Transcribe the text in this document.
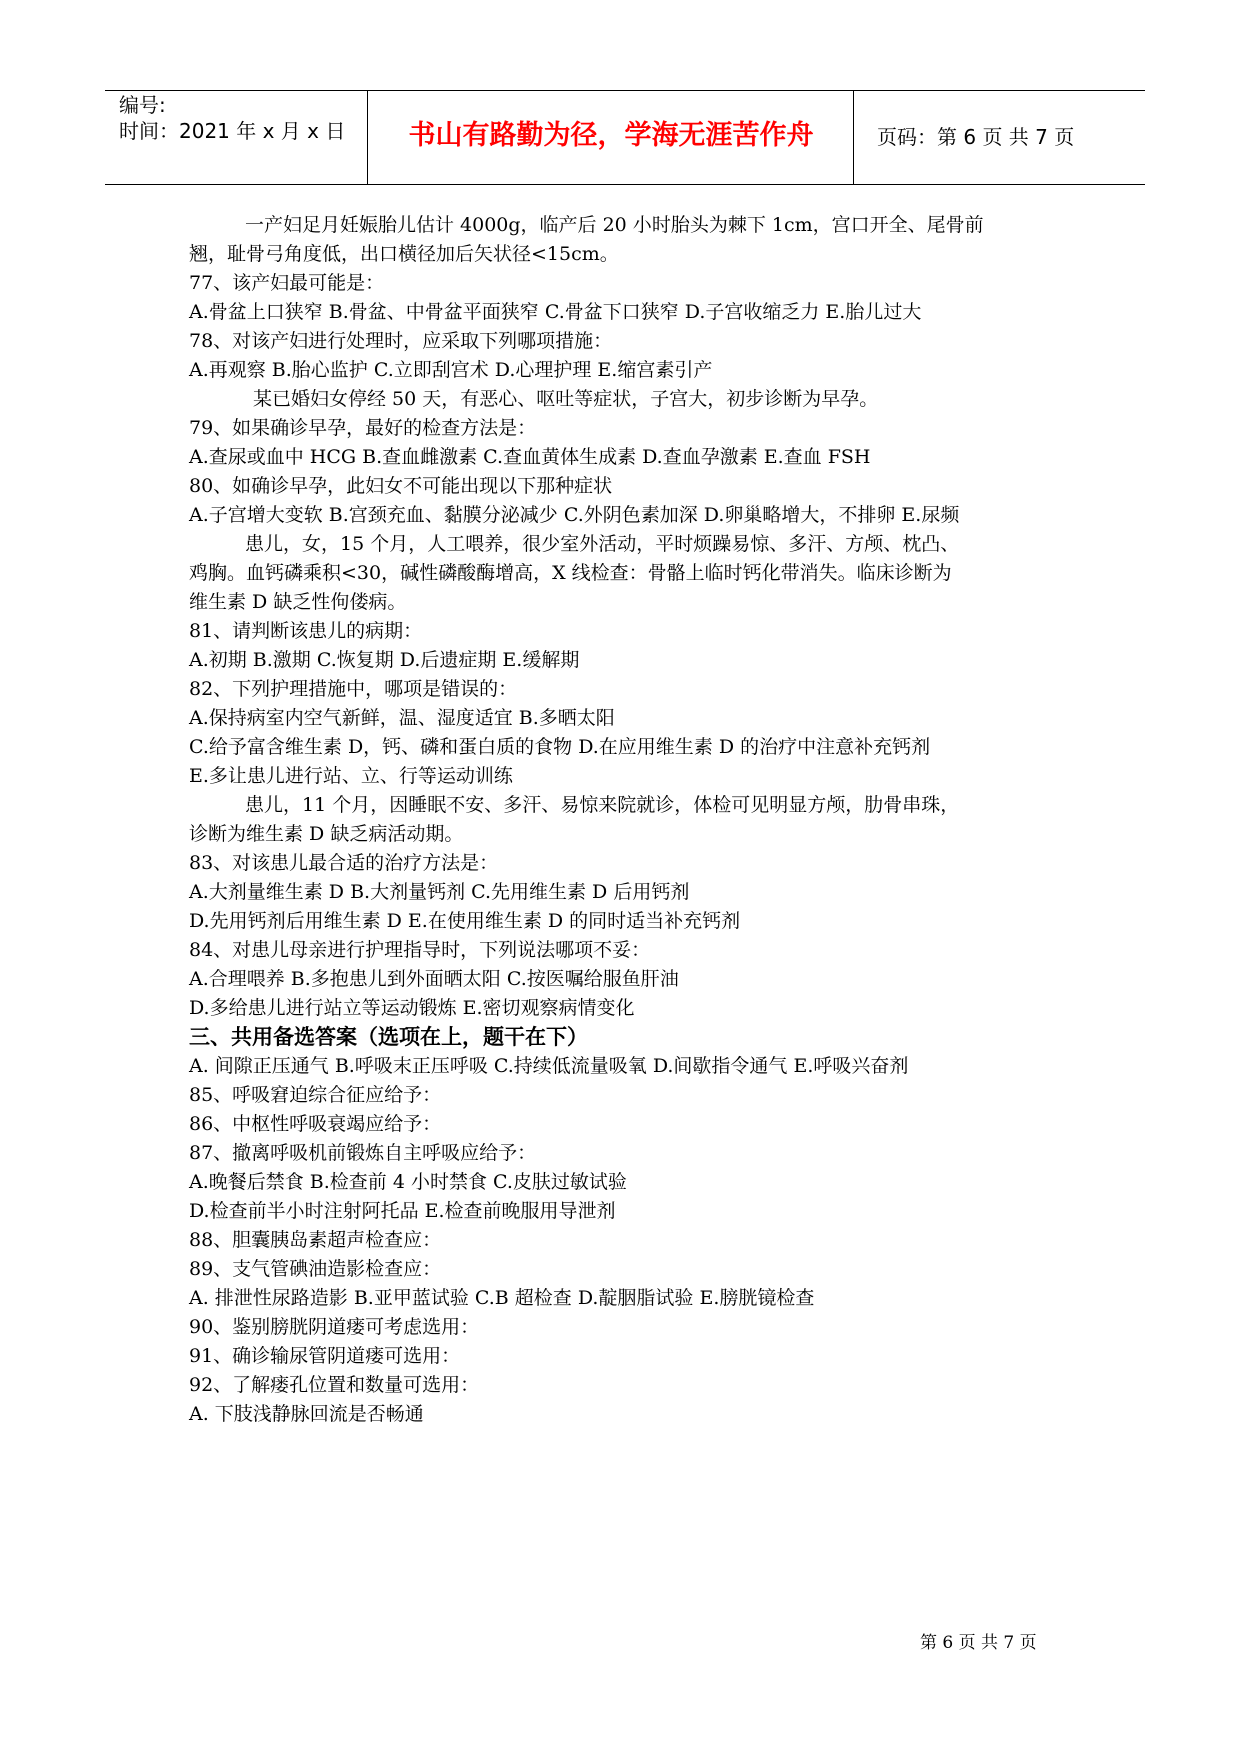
编号:
时间：2021 年 x 月 x 日	书山有路勤为径，学海无涯苦作舟	页码：第 6 页 共 7 页
一产妇足月妊娠胎儿估计 4000g，临产后 20 小时胎头为棘下 1cm，宫口开全、尾骨前
翘，耻骨弓角度低，出口横径加后矢状径<15cm。
77、该产妇最可能是：
A.骨盆上口狭窄 B.骨盆、中骨盆平面狭窄 C.骨盆下口狭窄 D.子宫收缩乏力 E.胎儿过大
78、对该产妇进行处理时，应采取下列哪项措施：
A.再观察 B.胎心监护 C.立即刮宫术 D.心理护理 E.缩宫素引产
某已婚妇女停经 50 天，有恶心、呕吐等症状，子宫大，初步诊断为早孕。
79、如果确诊早孕，最好的检查方法是：
A.查尿或血中 HCG B.查血雌激素 C.查血黄体生成素 D.查血孕激素 E.查血 FSH
80、如确诊早孕，此妇女不可能出现以下那种症状
A.子宫增大变软 B.宫颈充血、黏膜分泌减少 C.外阴色素加深 D.卵巢略增大，不排卵 E.尿频
患儿，女，15 个月，人工喂养，很少室外活动，平时烦躁易惊、多汗、方颅、枕凸、
鸡胸。血钙磷乘积<30，碱性磷酸酶增高，X 线检查：骨骼上临时钙化带消失。临床诊断为
维生素 D 缺乏性佝偻病。
81、请判断该患儿的病期：
A.初期 B.激期 C.恢复期 D.后遗症期 E.缓解期
82、下列护理措施中，哪项是错误的：
A.保持病室内空气新鲜，温、湿度适宜 B.多晒太阳
C.给予富含维生素 D，钙、磷和蛋白质的食物 D.在应用维生素 D 的治疗中注意补充钙剂
E.多让患儿进行站、立、行等运动训练
患儿，11 个月，因睡眠不安、多汗、易惊来院就诊，体检可见明显方颅，肋骨串珠，
诊断为维生素 D 缺乏病活动期。
83、对该患儿最合适的治疗方法是：
A.大剂量维生素 D B.大剂量钙剂 C.先用维生素 D 后用钙剂
D.先用钙剂后用维生素 D E.在使用维生素 D 的同时适当补充钙剂
84、对患儿母亲进行护理指导时，下列说法哪项不妥：
A.合理喂养 B.多抱患儿到外面晒太阳 C.按医嘱给服鱼肝油
D.多给患儿进行站立等运动锻炼 E.密切观察病情变化
三、共用备选答案（选项在上，题干在下）
A. 间隙正压通气 B.呼吸末正压呼吸 C.持续低流量吸氧 D.间歇指令通气 E.呼吸兴奋剂
85、呼吸窘迫综合征应给予：
86、中枢性呼吸衰竭应给予：
87、撤离呼吸机前锻炼自主呼吸应给予：
A.晚餐后禁食 B.检查前 4 小时禁食 C.皮肤过敏试验
D.检查前半小时注射阿托品 E.检查前晚服用导泄剂
88、胆囊胰岛素超声检查应：
89、支气管碘油造影检查应：
A. 排泄性尿路造影 B.亚甲蓝试验 C.B 超检查 D.靛胭脂试验 E.膀胱镜检查
90、鉴别膀胱阴道瘘可考虑选用：
91、确诊输尿管阴道瘘可选用：
92、了解瘘孔位置和数量可选用：
A. 下肢浅静脉回流是否畅通
第 6 页 共 7 页
